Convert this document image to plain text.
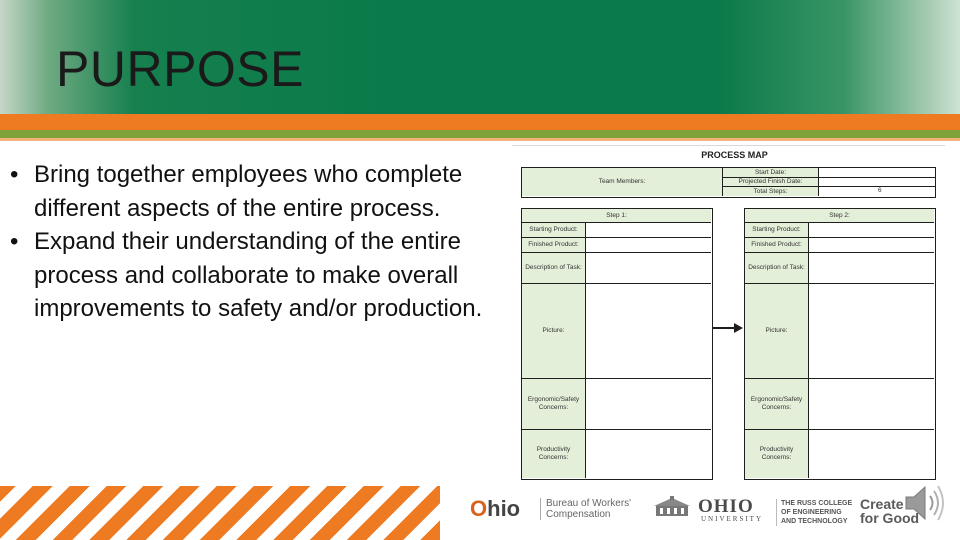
PURPOSE
• Bring together employees who complete different aspects of the entire process.
• Expand their understanding of the entire process and collaborate to make overall improvements to safety and/or production.
PROCESS MAP
Team Members:
Start Date:
Projected Finish Date:
Total Steps:	6
Step 1:
Starting Product:
Finished Product:
Description of Task:
Picture:
Ergonomic/Safety Concerns:
Productivity Concerns:
Step 2:
Starting Product:
Finished Product:
Description of Task:
Picture:
Ergonomic/Safety Concerns:
Productivity Concerns:
Ohio	Bureau of Workers'
Compensation	OHIO
UNIVERSITY
THE RUSS COLLEGE
OF ENGINEERING
AND TECHNOLOGY
Create
for Good
